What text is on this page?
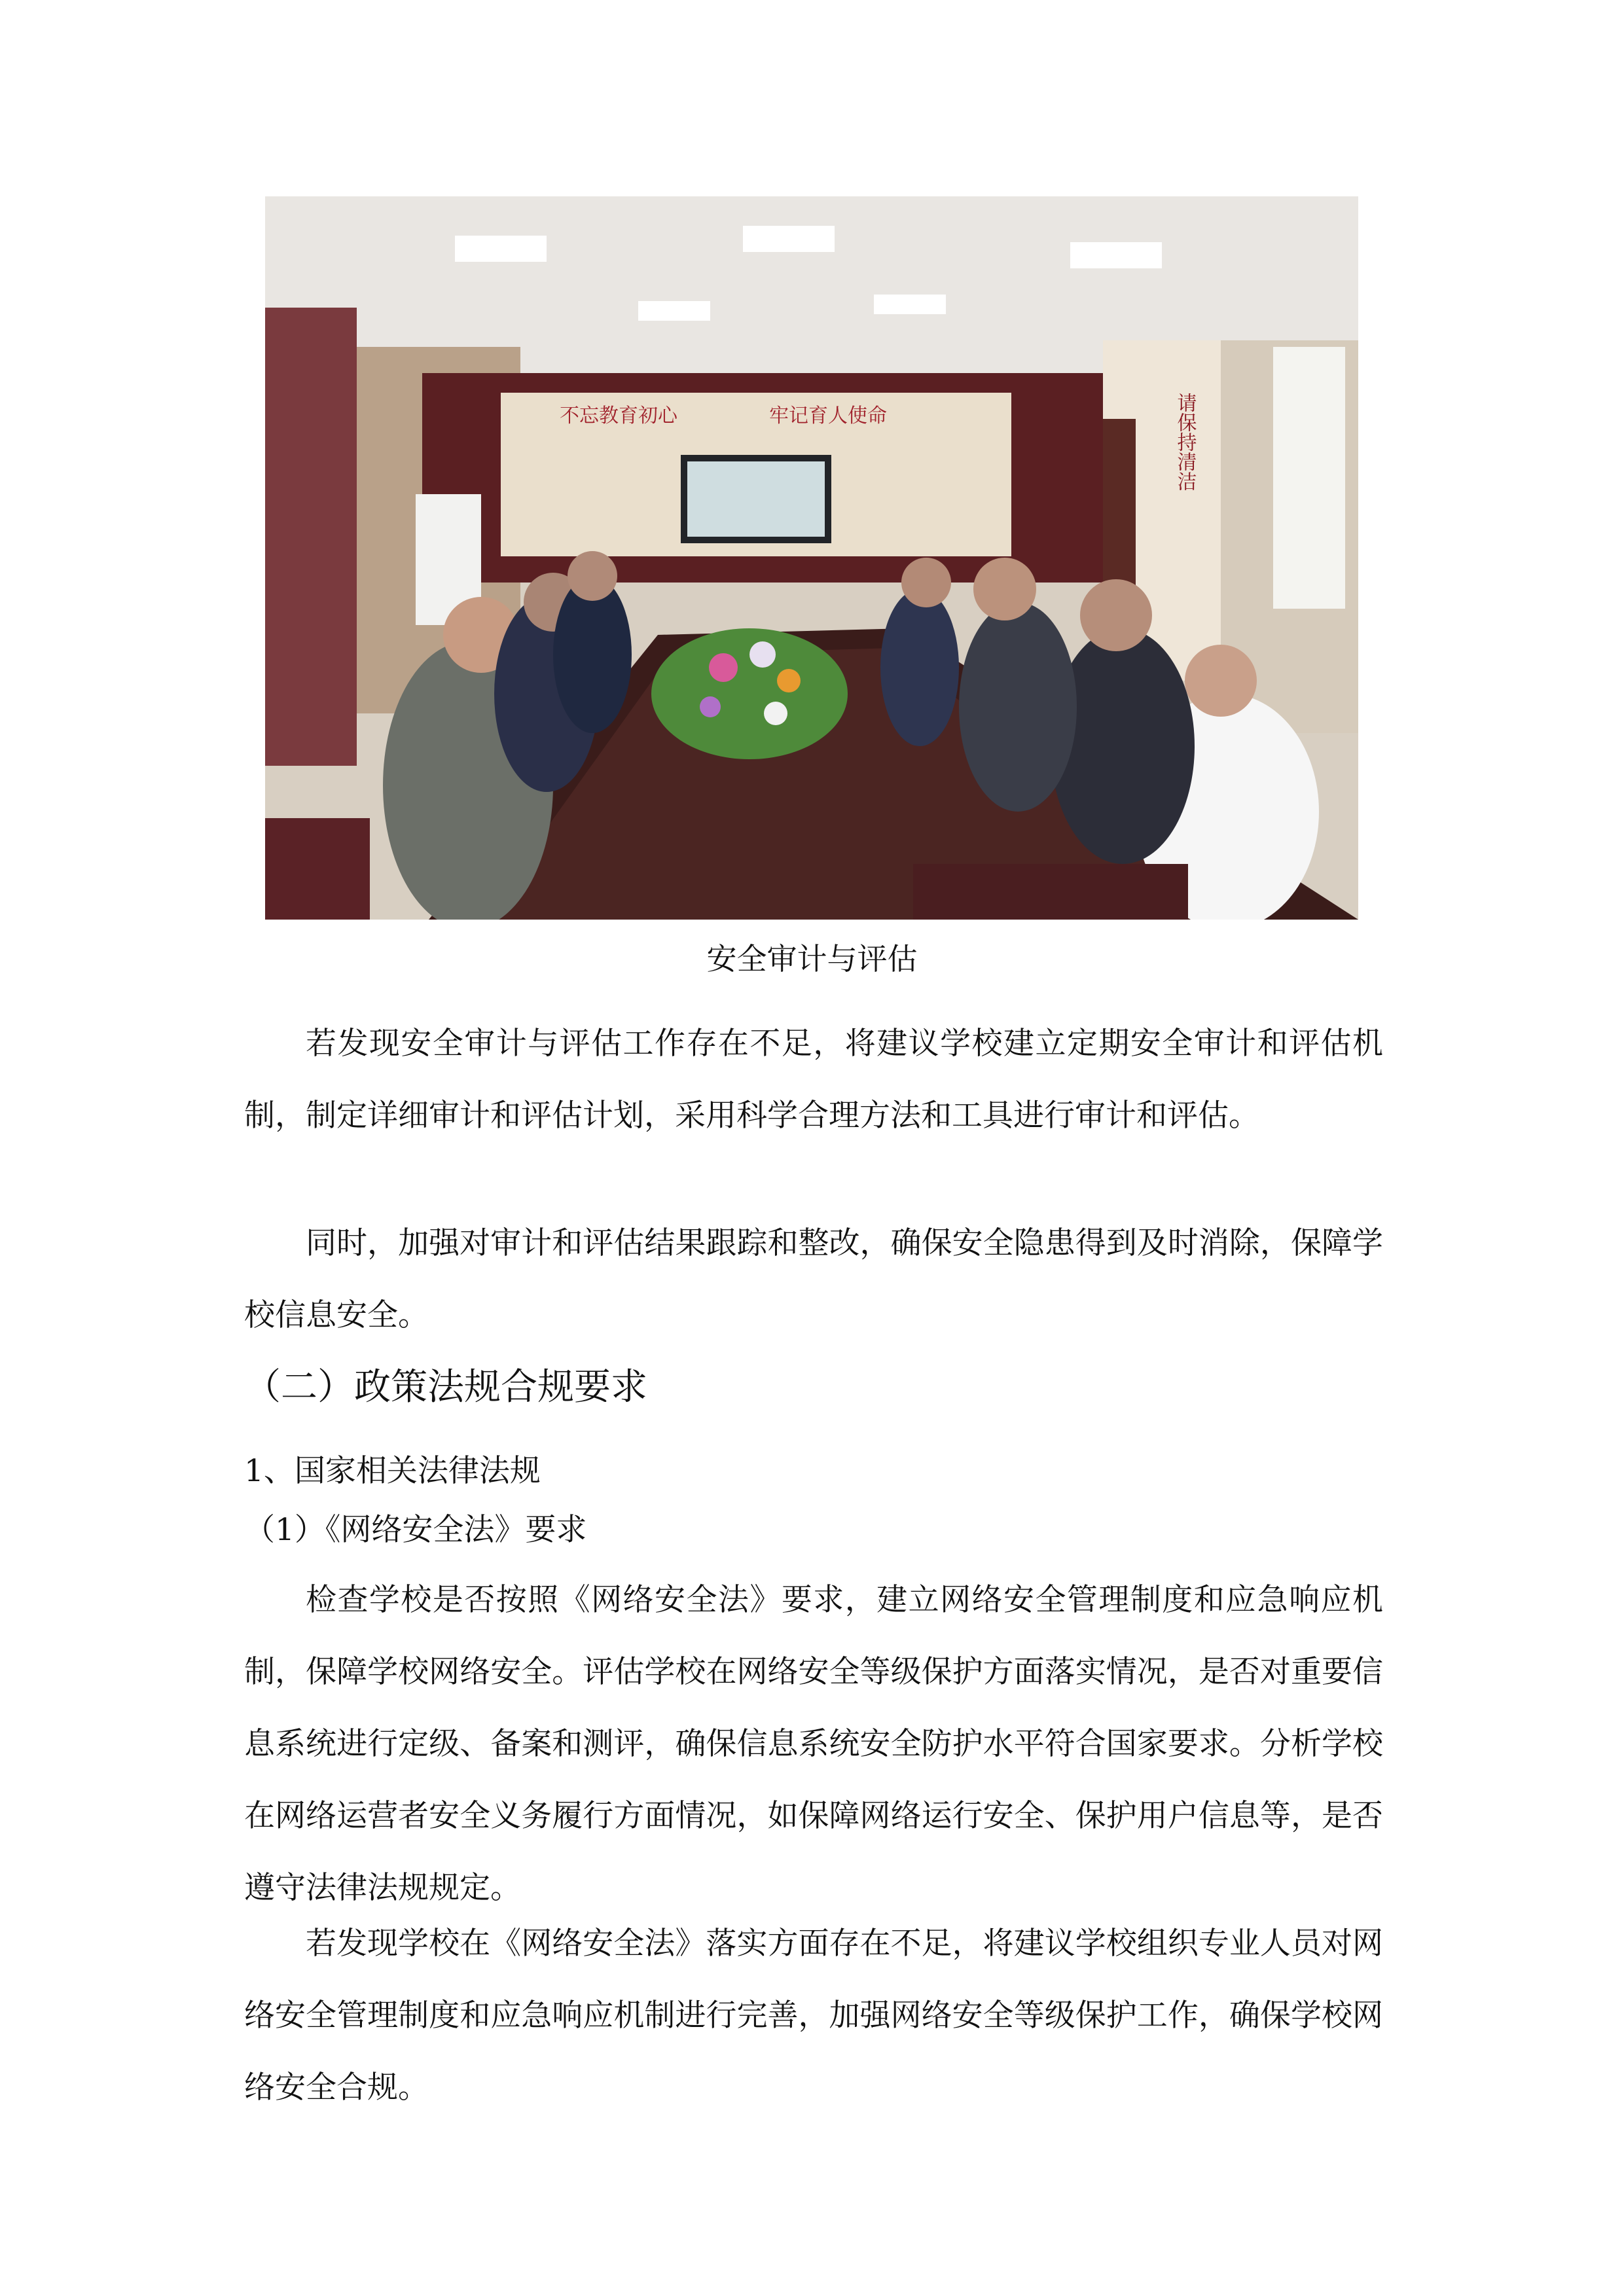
不忘教育初心	牢记育人使命	请保持清洁
安全审计与评估

若发现安全审计与评估工作存在不足，将建议学校建立定期安全审计和评估机制，制定详细审计和评估计划，采用科学合理方法和工具进行审计和评估。

同时，加强对审计和评估结果跟踪和整改，确保安全隐患得到及时消除，保障学校信息安全。

（二）政策法规合规要求
1、国家相关法律法规
（1）《网络安全法》要求

检查学校是否按照《网络安全法》要求，建立网络安全管理制度和应急响应机制，保障学校网络安全。评估学校在网络安全等级保护方面落实情况，是否对重要信息系统进行定级、备案和测评，确保信息系统安全防护水平符合国家要求。分析学校在网络运营者安全义务履行方面情况，如保障网络运行安全、保护用户信息等，是否遵守法律法规规定。

若发现学校在《网络安全法》落实方面存在不足，将建议学校组织专业人员对网络安全管理制度和应急响应机制进行完善，加强网络安全等级保护工作，确保学校网络安全合规。
